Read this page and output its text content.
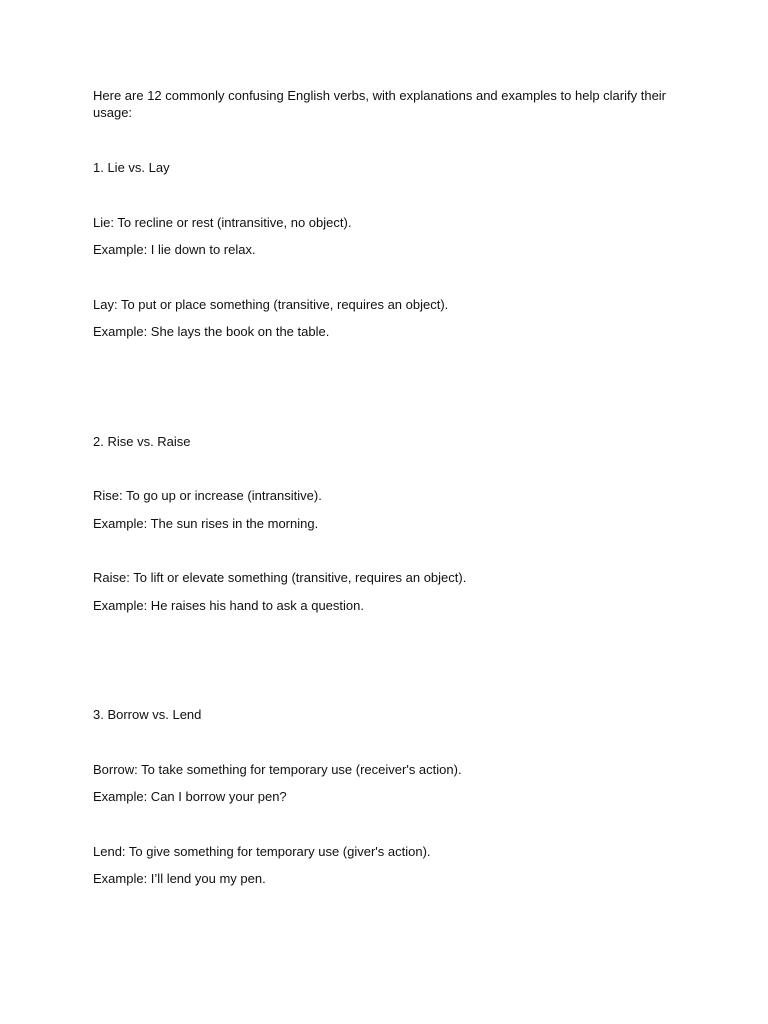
Here are 12 commonly confusing English verbs, with explanations and examples to help clarify their usage:
1. Lie vs. Lay
Lie: To recline or rest (intransitive, no object).
Example: I lie down to relax.
Lay: To put or place something (transitive, requires an object).
Example: She lays the book on the table.
2. Rise vs. Raise
Rise: To go up or increase (intransitive).
Example: The sun rises in the morning.
Raise: To lift or elevate something (transitive, requires an object).
Example: He raises his hand to ask a question.
3. Borrow vs. Lend
Borrow: To take something for temporary use (receiver's action).
Example: Can I borrow your pen?
Lend: To give something for temporary use (giver's action).
Example: I’ll lend you my pen.
